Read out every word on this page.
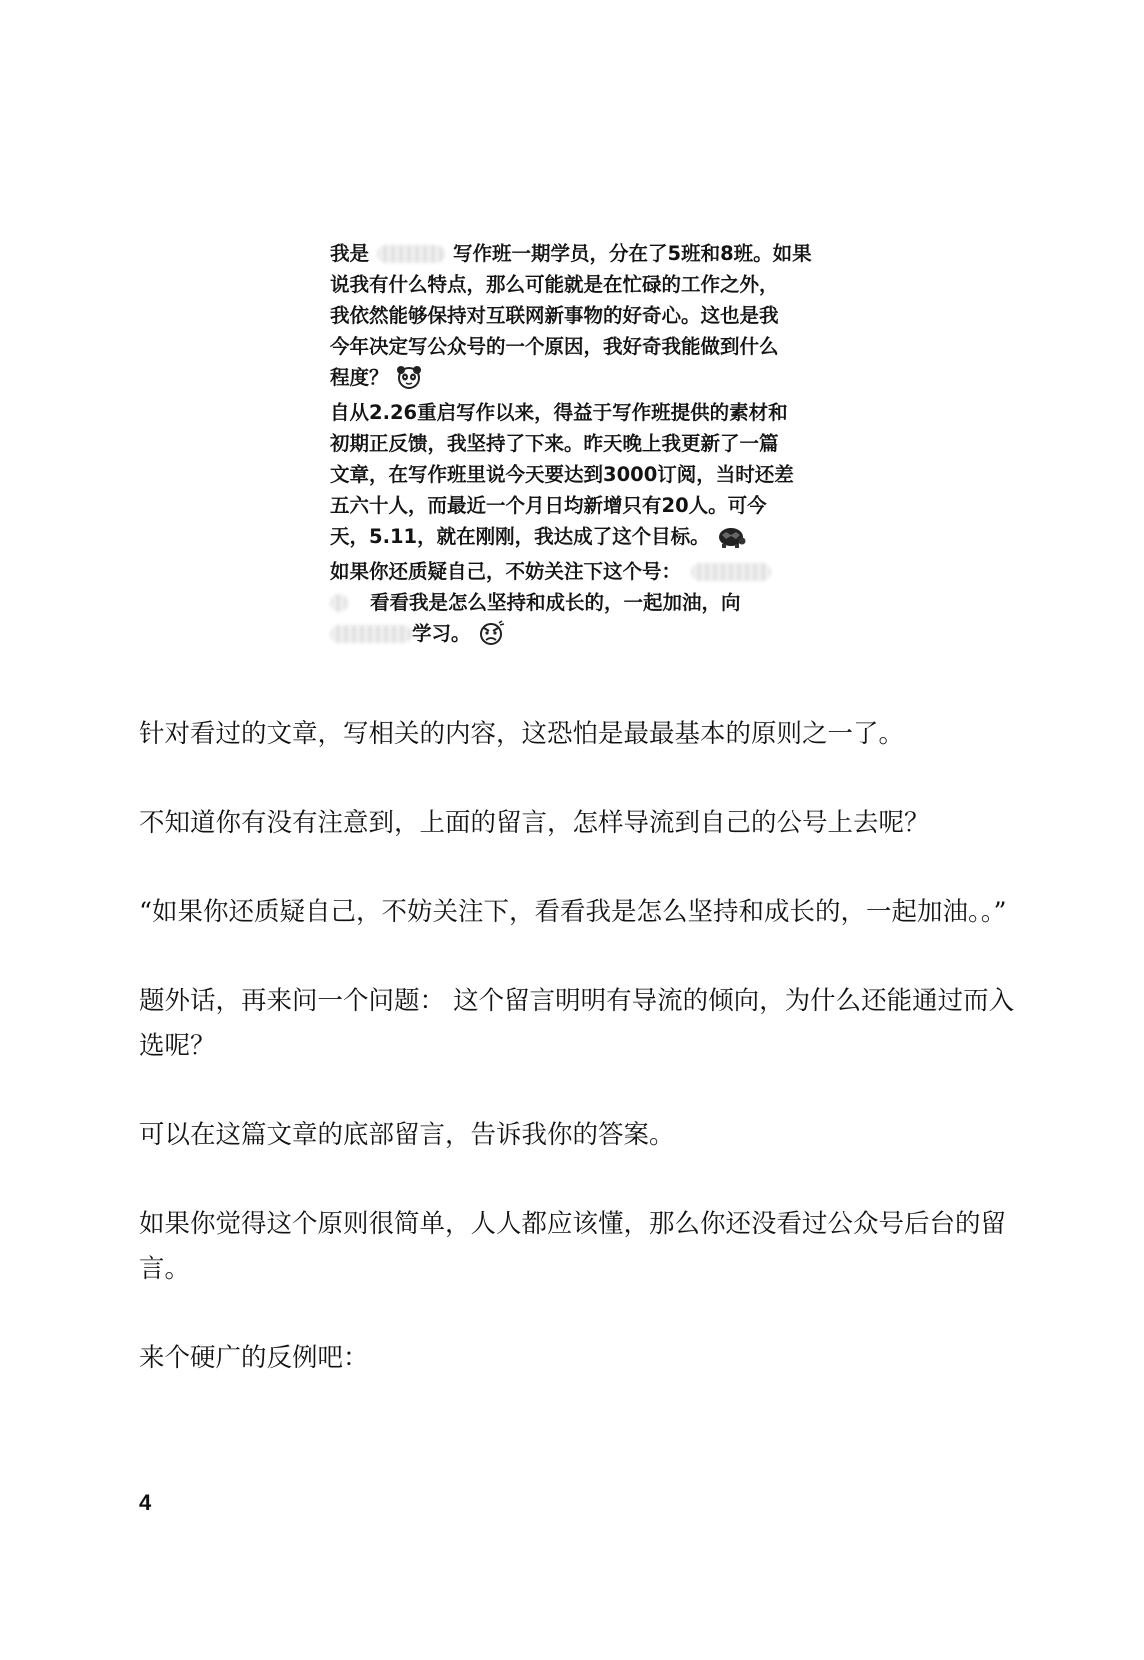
我是	写作班一期学员，分在了5班和8班。如果
说我有什么特点，那么可能就是在忙碌的工作之外，
我依然能够保持对互联网新事物的好奇心。这也是我
今年决定写公众号的一个原因，我好奇我能做到什么
程度？
自从2.26重启写作以来，得益于写作班提供的素材和
初期正反馈，我坚持了下来。昨天晚上我更新了一篇
文章，在写作班里说今天要达到3000订阅，当时还差
五六十人，而最近一个月日均新增只有20人。可今
天，5.11，就在刚刚，我达成了这个目标。
如果你还质疑自己，不妨关注下这个号：
看看我是怎么坚持和成长的，一起加油，向
学习。

针对看过的文章，写相关的内容，这恐怕是最最基本的原则之一了。

不知道你有没有注意到，上面的留言，怎样导流到自己的公号上去呢？

“如果你还质疑自己，不妨关注下，看看我是怎么坚持和成长的，一起加油。。”

题外话，再来问一个问题： 这个留言明明有导流的倾向，为什么还能通过而入选呢？

可以在这篇文章的底部留言，告诉我你的答案。

如果你觉得这个原则很简单，人人都应该懂，那么你还没看过公众号后台的留言。

来个硬广的反例吧：

4
